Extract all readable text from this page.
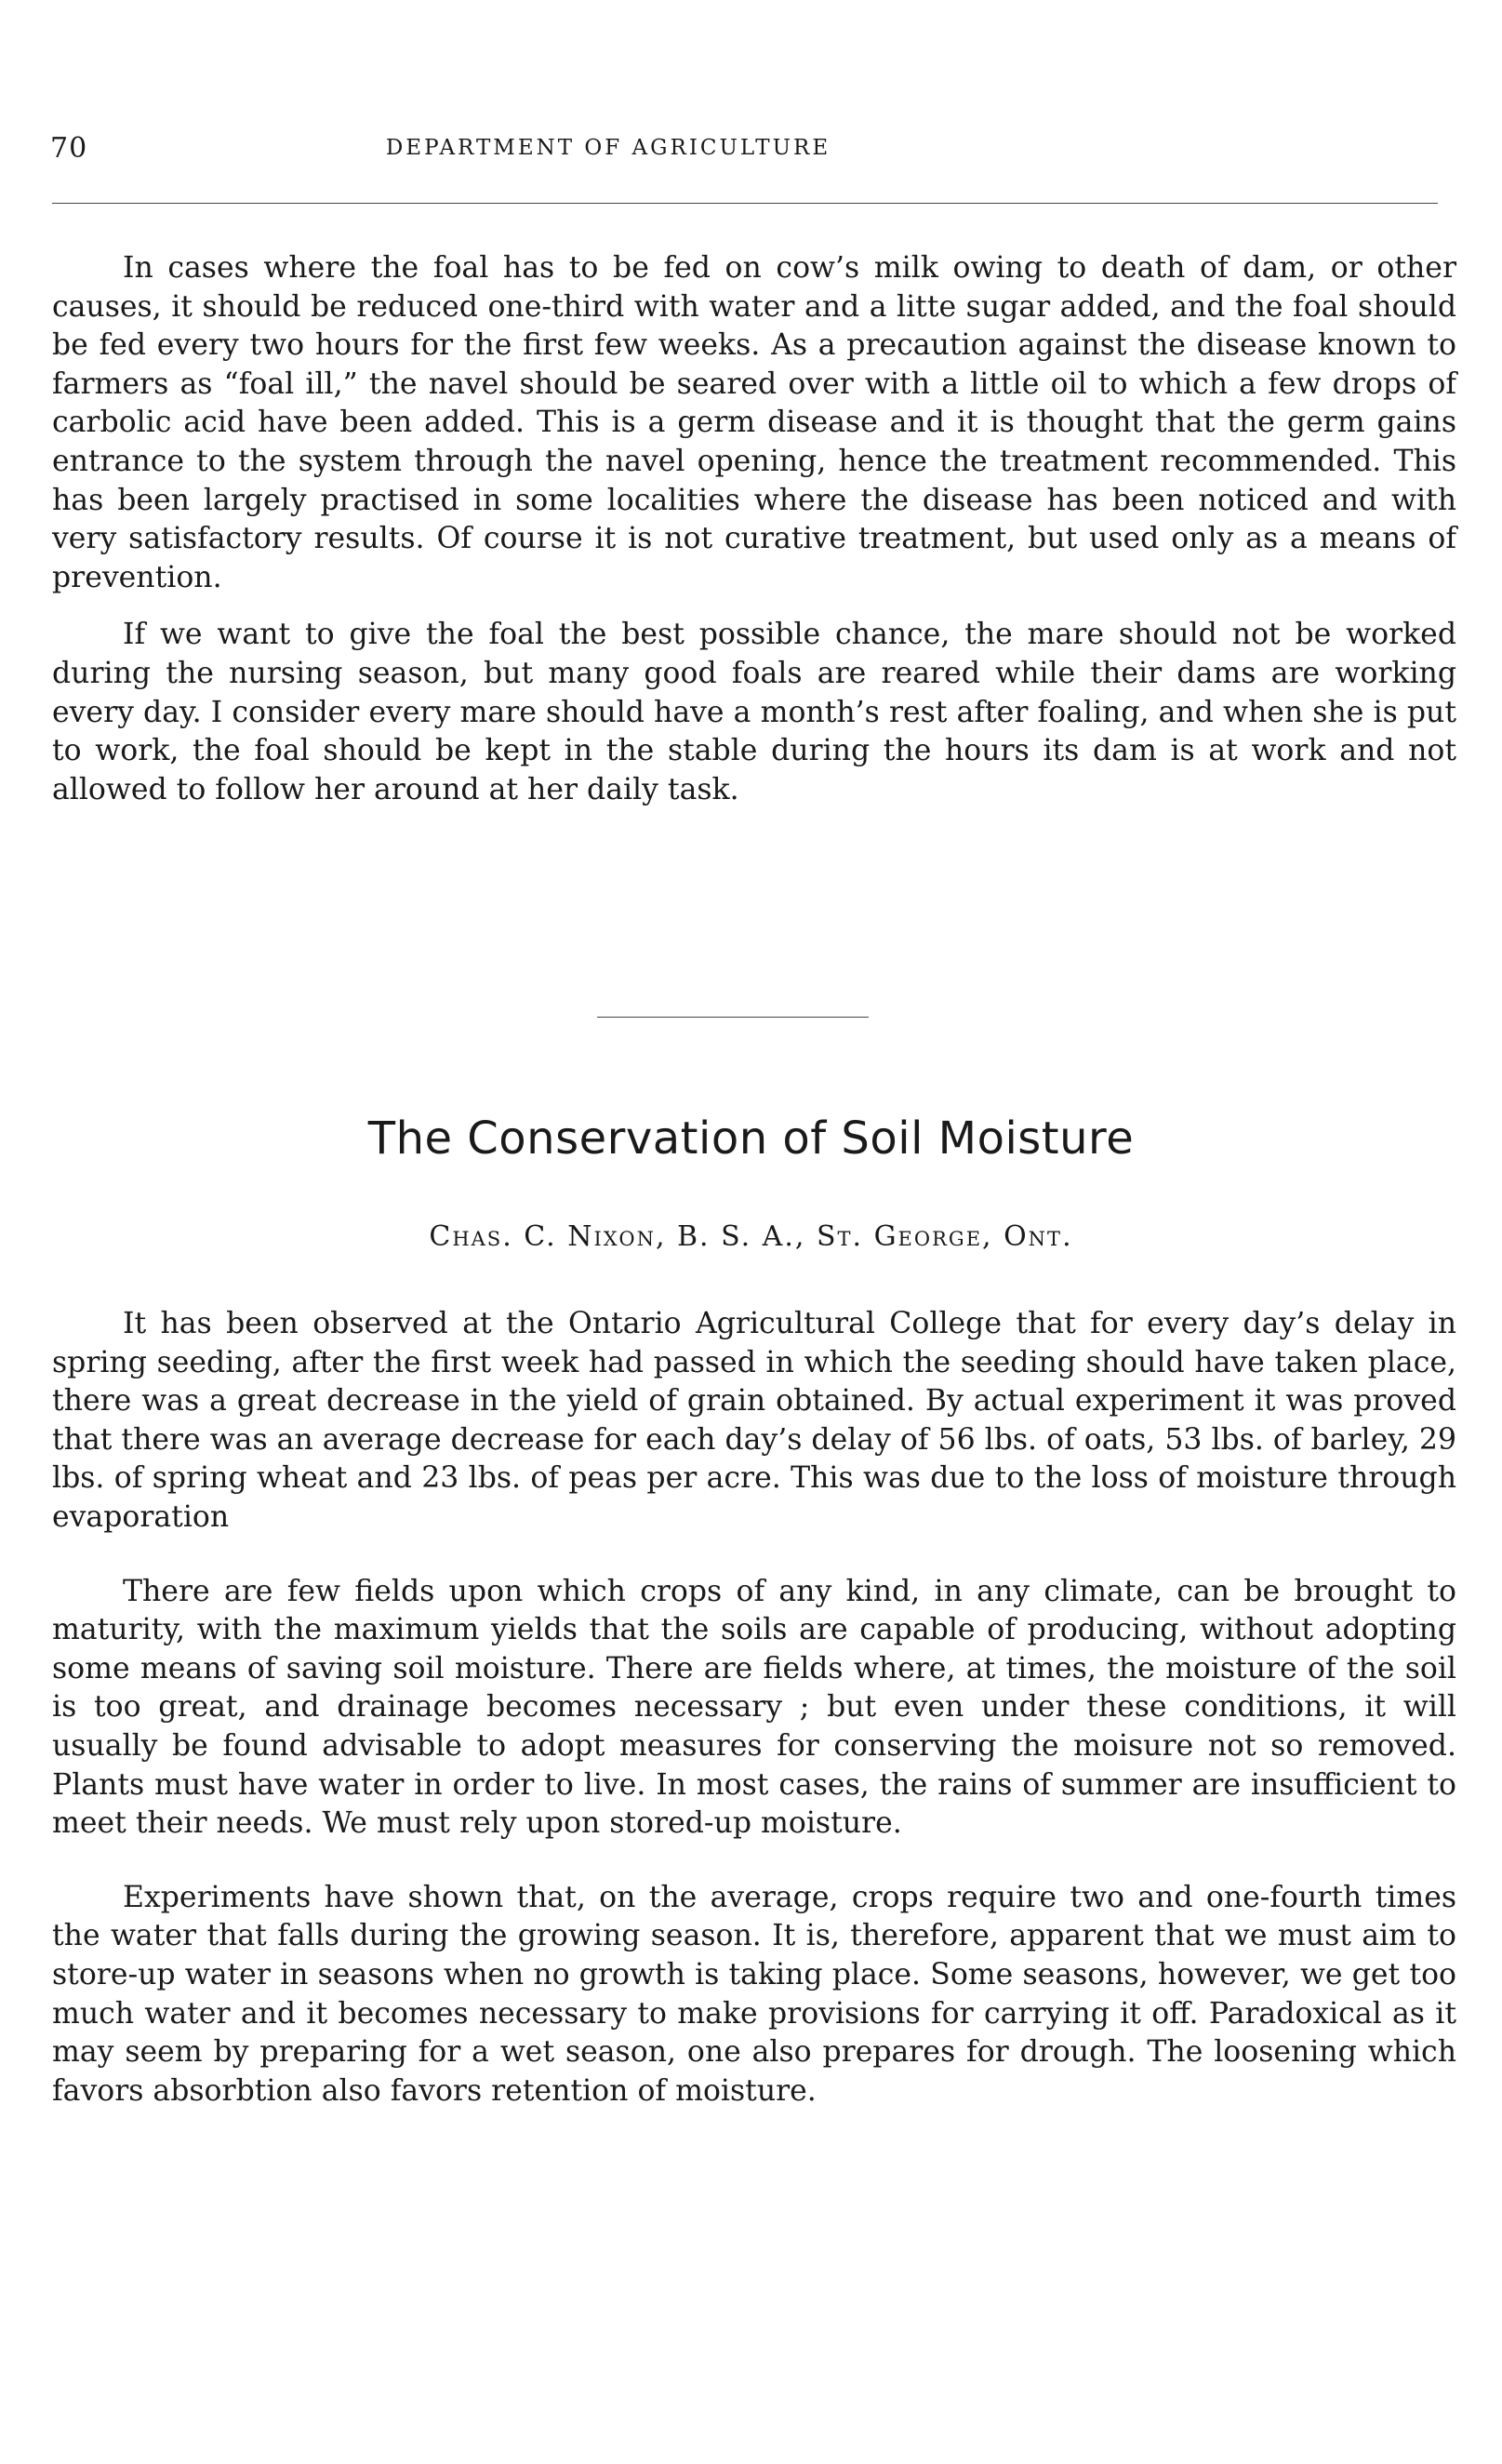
70	DEPARTMENT OF AGRICULTURE

In cases where the foal has to be fed on cow’s milk owing to death of dam, or other causes, it should be reduced one-third with water and a litte sugar added, and the foal should be fed every two hours for the first few weeks. As a precaution against the disease known to farmers as “foal ill,” the navel should be seared over with a little oil to which a few drops of carbolic acid have been added. This is a germ disease and it is thought that the germ gains entrance to the system through the navel opening, hence the treatment recommended. This has been largely practised in some localities where the disease has been noticed and with very satisfactory results. Of course it is not curative treatment, but used only as a means of prevention.

If we want to give the foal the best possible chance, the mare should not be worked during the nursing season, but many good foals are reared while their dams are working every day. I consider every mare should have a month’s rest after foaling, and when she is put to work, the foal should be kept in the stable during the hours its dam is at work and not allowed to follow her around at her daily task.

The Conservation of Soil Moisture
Chas. C. Nixon, B. S. A., St. George, Ont.

It has been observed at the Ontario Agricultural College that for every day’s delay in spring seeding, after the first week had passed in which the seeding should have taken place, there was a great decrease in the yield of grain obtained. By actual experiment it was proved that there was an average decrease for each day’s delay of 56 lbs. of oats, 53 lbs. of barley, 29 lbs. of spring wheat and 23 lbs. of peas per acre. This was due to the loss of moisture through evaporation

There are few fields upon which crops of any kind, in any climate, can be brought to maturity, with the maximum yields that the soils are capable of producing, without adopting some means of saving soil moisture. There are fields where, at times, the moisture of the soil is too great, and drainage becomes necessary ; but even under these conditions, it will usually be found advisable to adopt measures for conserving the moisure not so removed. Plants must have water in order to live. In most cases, the rains of summer are insufficient to meet their needs. We must rely upon stored-up moisture.

Experiments have shown that, on the average, crops require two and one-fourth times the water that falls during the growing season. It is, therefore, apparent that we must aim to store-up water in seasons when no growth is taking place. Some seasons, however, we get too much water and it becomes necessary to make provisions for carrying it off. Paradoxical as it may seem by preparing for a wet season, one also prepares for drough. The loosening which favors absorbtion also favors retention of moisture.
